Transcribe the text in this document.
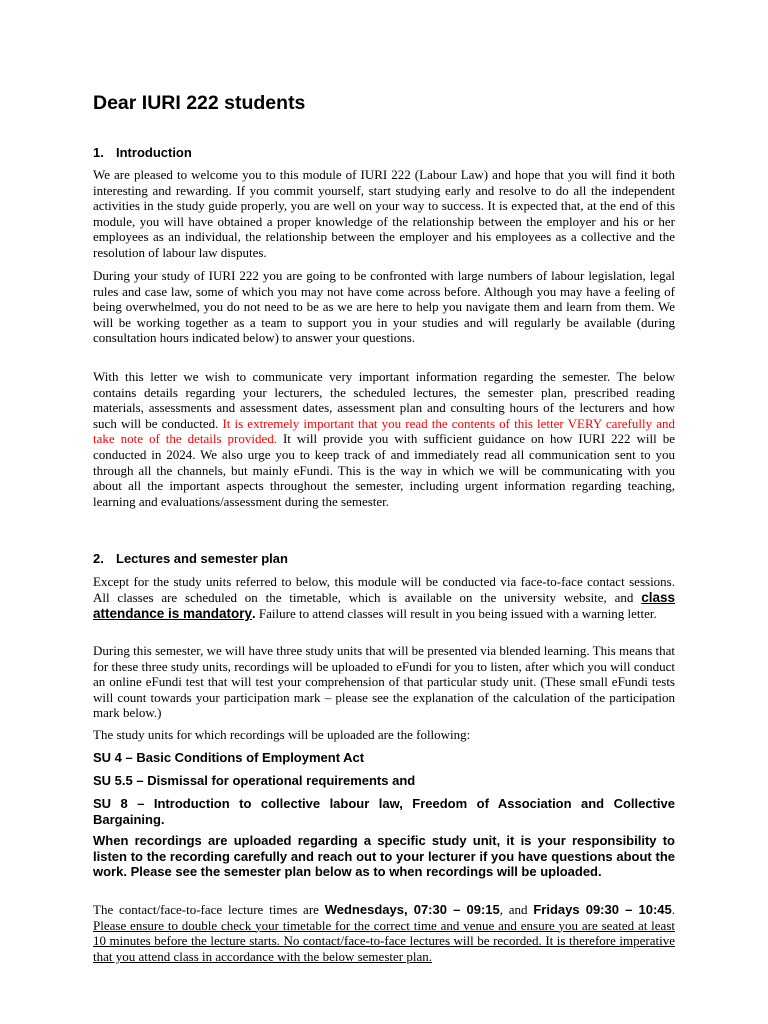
Dear IURI 222 students
1. Introduction

We are pleased to welcome you to this module of IURI 222 (Labour Law) and hope that you will find it both interesting and rewarding. If you commit yourself, start studying early and resolve to do all the independent activities in the study guide properly, you are well on your way to success. It is expected that, at the end of this module, you will have obtained a proper knowledge of the relationship between the employer and his or her employees as an individual, the relationship between the employer and his employees as a collective and the resolution of labour law disputes.

During your study of IURI 222 you are going to be confronted with large numbers of labour legislation, legal rules and case law, some of which you may not have come across before. Although you may have a feeling of being overwhelmed, you do not need to be as we are here to help you navigate them and learn from them. We will be working together as a team to support you in your studies and will regularly be available (during consultation hours indicated below) to answer your questions.

With this letter we wish to communicate very important information regarding the semester. The below contains details regarding your lecturers, the scheduled lectures, the semester plan, prescribed reading materials, assessments and assessment dates, assessment plan and consulting hours of the lecturers and how such will be conducted. It is extremely important that you read the contents of this letter VERY carefully and take note of the details provided. It will provide you with sufficient guidance on how IURI 222 will be conducted in 2024. We also urge you to keep track of and immediately read all communication sent to you through all the channels, but mainly eFundi. This is the way in which we will be communicating with you about all the important aspects throughout the semester, including urgent information regarding teaching, learning and evaluations/assessment during the semester.

2. Lectures and semester plan

Except for the study units referred to below, this module will be conducted via face-to-face contact sessions. All classes are scheduled on the timetable, which is available on the university website, and class attendance is mandatory. Failure to attend classes will result in you being issued with a warning letter.

During this semester, we will have three study units that will be presented via blended learning. This means that for these three study units, recordings will be uploaded to eFundi for you to listen, after which you will conduct an online eFundi test that will test your comprehension of that particular study unit. (These small eFundi tests will count towards your participation mark – please see the explanation of the calculation of the participation mark below.)

The study units for which recordings will be uploaded are the following:

SU 4 – Basic Conditions of Employment Act

SU 5.5 – Dismissal for operational requirements and

SU 8 – Introduction to collective labour law, Freedom of Association and Collective Bargaining.

When recordings are uploaded regarding a specific study unit, it is your responsibility to listen to the recording carefully and reach out to your lecturer if you have questions about the work. Please see the semester plan below as to when recordings will be uploaded.

The contact/face-to-face lecture times are Wednesdays, 07:30 – 09:15, and Fridays 09:30 – 10:45. Please ensure to double check your timetable for the correct time and venue and ensure you are seated at least 10 minutes before the lecture starts. No contact/face-to-face lectures will be recorded. It is therefore imperative that you attend class in accordance with the below semester plan.
